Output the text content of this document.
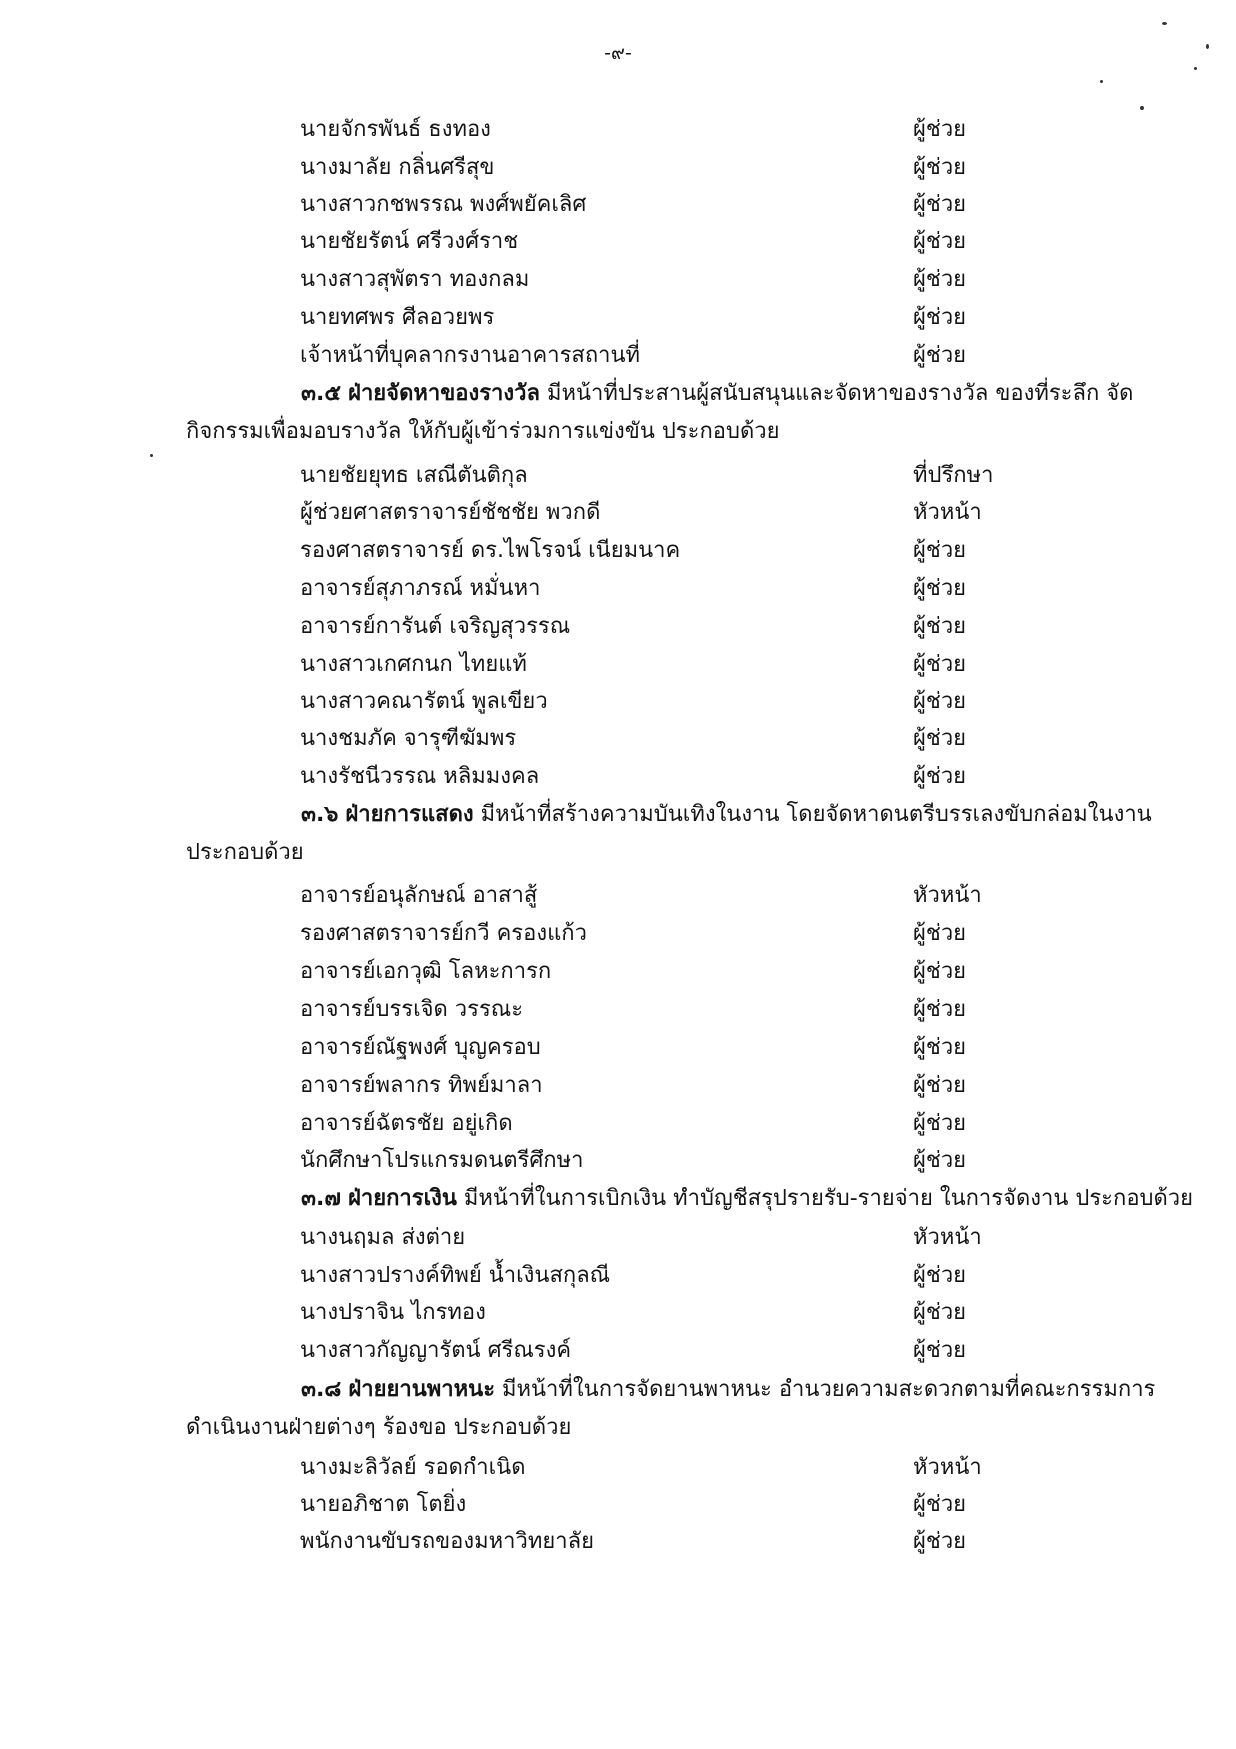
-๙-
นายจักรพันธ์ ธงทอง	ผู้ช่วย
นางมาลัย กลิ่นศรีสุข	ผู้ช่วย
นางสาวกชพรรณ พงศ์พยัคเลิศ	ผู้ช่วย
นายชัยรัตน์ ศรีวงศ์ราช	ผู้ช่วย
นางสาวสุพัตรา ทองกลม	ผู้ช่วย
นายทศพร ศีลอวยพร	ผู้ช่วย
เจ้าหน้าที่บุคลากรงานอาคารสถานที่	ผู้ช่วย
๓.๕ ฝ่ายจัดหาของรางวัล มีหน้าที่ประสานผู้สนับสนุนและจัดหาของรางวัล ของที่ระลึก จัด
กิจกรรมเพื่อมอบรางวัล ให้กับผู้เข้าร่วมการแข่งขัน ประกอบด้วย
นายชัยยุทธ เสณีตันติกุล	ที่ปรึกษา
ผู้ช่วยศาสตราจารย์ชัชชัย พวกดี	หัวหน้า
รองศาสตราจารย์ ดร.ไพโรจน์ เนียมนาค	ผู้ช่วย
อาจารย์สุภาภรณ์ หมั่นหา	ผู้ช่วย
อาจารย์การันต์ เจริญสุวรรณ	ผู้ช่วย
นางสาวเกศกนก ไทยแท้	ผู้ช่วย
นางสาวคณารัตน์ พูลเขียว	ผู้ช่วย
นางชมภัค จารุฑีฆัมพร	ผู้ช่วย
นางรัชนีวรรณ หลิมมงคล	ผู้ช่วย
๓.๖ ฝ่ายการแสดง มีหน้าที่สร้างความบันเทิงในงาน โดยจัดหาดนตรีบรรเลงขับกล่อมในงาน
ประกอบด้วย
อาจารย์อนุลักษณ์ อาสาสู้	หัวหน้า
รองศาสตราจารย์กวี ครองแก้ว	ผู้ช่วย
อาจารย์เอกวุฒิ โลหะการก	ผู้ช่วย
อาจารย์บรรเจิด วรรณะ	ผู้ช่วย
อาจารย์ณัฐพงศ์ บุญครอบ	ผู้ช่วย
อาจารย์พลากร ทิพย์มาลา	ผู้ช่วย
อาจารย์ฉัตรชัย อยู่เกิด	ผู้ช่วย
นักศึกษาโปรแกรมดนตรีศึกษา	ผู้ช่วย
๓.๗ ฝ่ายการเงิน มีหน้าที่ในการเบิกเงิน ทำบัญชีสรุปรายรับ-รายจ่าย ในการจัดงาน ประกอบด้วย
นางนฤมล ส่งต่าย	หัวหน้า
นางสาวปรางค์ทิพย์ น้ำเงินสกุลณี	ผู้ช่วย
นางปราจิน ไกรทอง	ผู้ช่วย
นางสาวกัญญารัตน์ ศรีณรงค์	ผู้ช่วย
๓.๘ ฝ่ายยานพาหนะ มีหน้าที่ในการจัดยานพาหนะ อำนวยความสะดวกตามที่คณะกรรมการ
ดำเนินงานฝ่ายต่างๆ ร้องขอ ประกอบด้วย
นางมะลิวัลย์ รอดกำเนิด	หัวหน้า
นายอภิชาต โตยิ่ง	ผู้ช่วย
พนักงานขับรถของมหาวิทยาลัย	ผู้ช่วย
